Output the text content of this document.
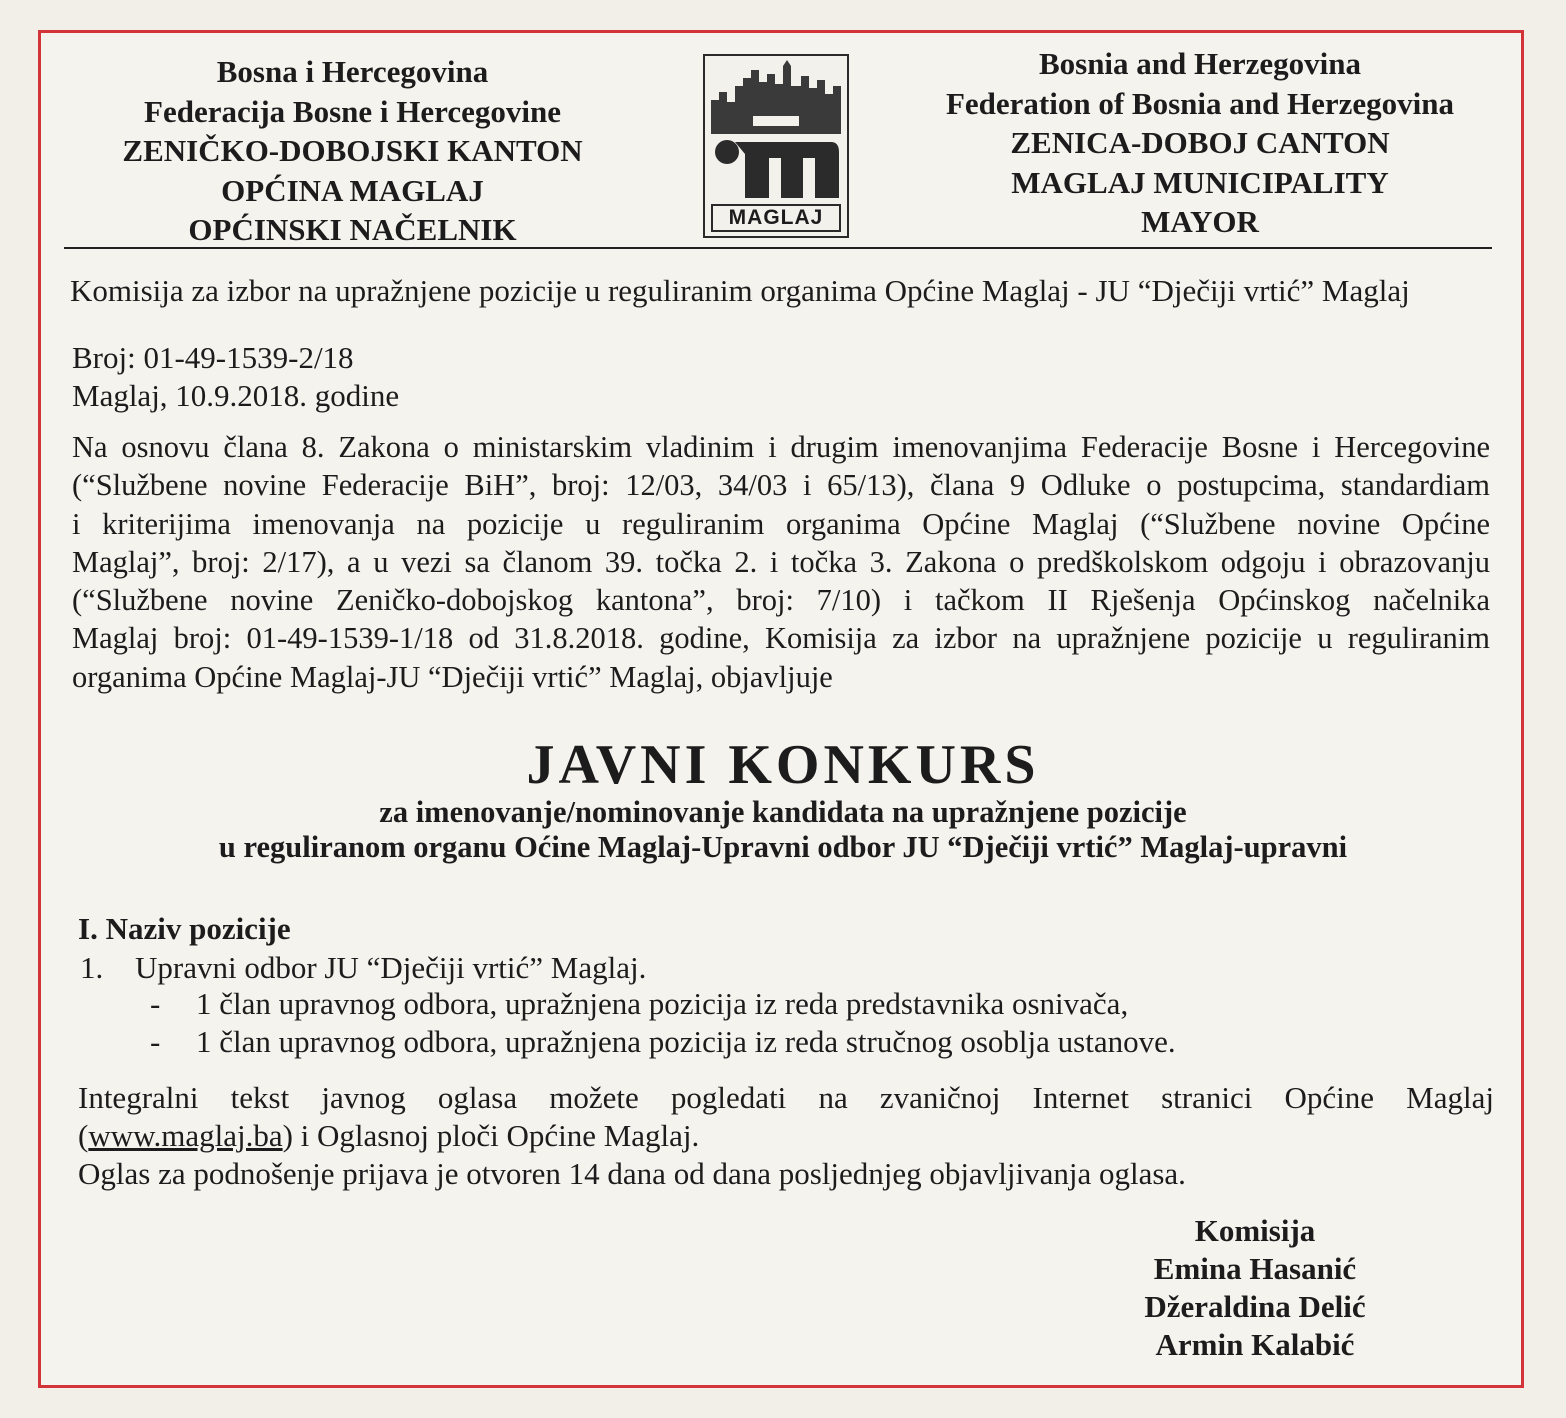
Bosna i Hercegovina
Federacija Bosne i Hercegovine
ZENIČKO-DOBOJSKI KANTON
OPĆINA MAGLAJ
OPĆINSKI NAČELNIK	MAGLAJ
Bosnia and Herzegovina
Federation of Bosnia and Herzegovina
ZENICA-DOBOJ CANTON
MAGLAJ MUNICIPALITY
MAYOR
Komisija za izbor na upražnjene pozicije u reguliranim organima Općine Maglaj - JU “Dječiji vrtić” Maglaj
Broj: 01-49-1539-2/18
Maglaj, 10.9.2018. godine
Na osnovu člana 8. Zakona o ministarskim vladinim i drugim imenovanjima Federacije Bosne i Hercegovine
(“Službene novine Federacije BiH”, broj: 12/03, 34/03 i 65/13), člana 9 Odluke o postupcima, standardiam
i kriterijima imenovanja na pozicije u reguliranim organima Općine Maglaj (“Službene novine Općine
Maglaj”, broj: 2/17), a u vezi sa članom 39. točka 2. i točka 3. Zakona o predškolskom odgoju i obrazovanju
(“Službene novine Zeničko-dobojskog kantona”, broj: 7/10) i tačkom II Rješenja Općinskog načelnika
Maglaj broj: 01-49-1539-1/18 od 31.8.2018. godine, Komisija za izbor na upražnjene pozicije u reguliranim
organima Općine Maglaj-JU “Dječiji vrtić” Maglaj, objavljuje
JAVNI KONKURS
za imenovanje/nominovanje kandidata na upražnjene pozicije
u reguliranom organu Oćine Maglaj-Upravni odbor JU “Dječiji vrtić” Maglaj-upravni
I. Naziv pozicije
1. Upravni odbor JU “Dječiji vrtić” Maglaj.
- 1 član upravnog odbora, upražnjena pozicija iz reda predstavnika osnivača,
- 1 član upravnog odbora, upražnjena pozicija iz reda stručnog osoblja ustanove.
Integralni tekst javnog oglasa možete pogledati na zvaničnoj Internet stranici Općine Maglaj
(www.maglaj.ba) i Oglasnoj ploči Općine Maglaj.
Oglas za podnošenje prijava je otvoren 14 dana od dana posljednjeg objavljivanja oglasa.
Komisija
Emina Hasanić
Džeraldina Delić
Armin Kalabić
